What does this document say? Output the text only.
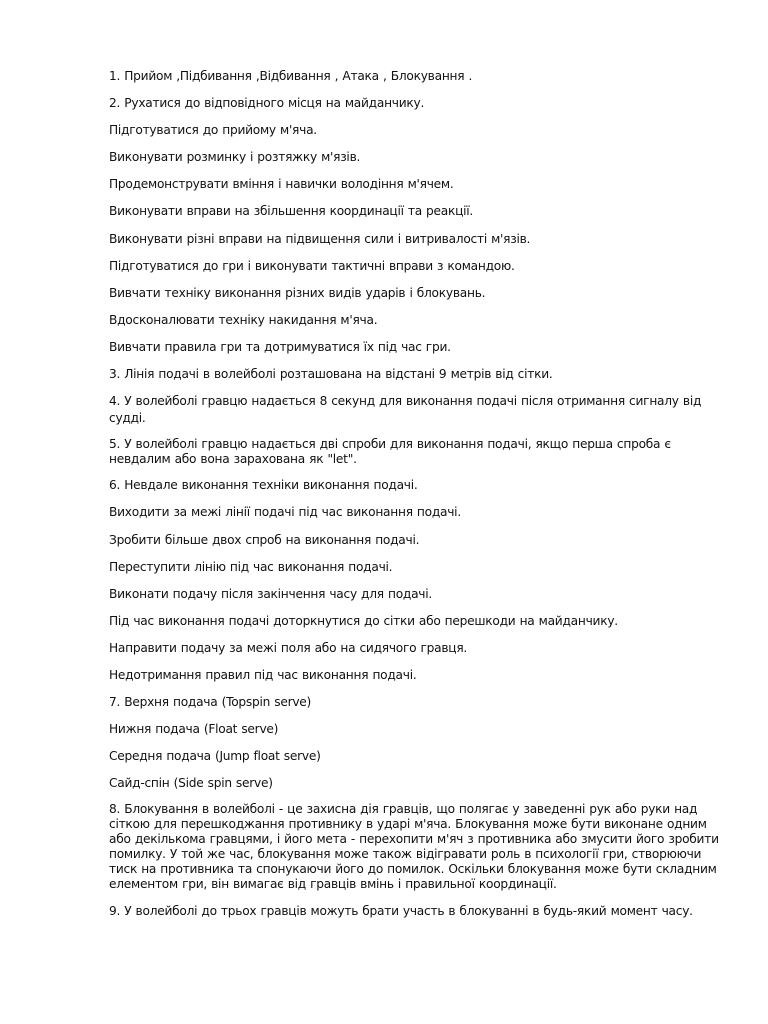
1. Прийом ,Підбивання ,Відбивання , Атака , Блокування .

2. Рухатися до відповідного місця на майданчику.

Підготуватися до прийому м'яча.

Виконувати розминку і розтяжку м'язів.

Продемонструвати вміння і навички володіння м'ячем.

Виконувати вправи на збільшення координації та реакції.

Виконувати різні вправи на підвищення сили і витривалості м'язів.

Підготуватися до гри і виконувати тактичні вправи з командою.

Вивчати техніку виконання різних видів ударів і блокувань.

Вдосконалювати техніку накидання м'яча.

Вивчати правила гри та дотримуватися їх під час гри.

3. Лінія подачі в волейболі розташована на відстані 9 метрів від сітки.

4. У волейболі гравцю надається 8 секунд для виконання подачі після отримання сигналу від судді.

5. У волейболі гравцю надається дві спроби для виконання подачі, якщо перша спроба є невдалим або вона зарахована як "let".

6. Невдале виконання техніки виконання подачі.

Виходити за межі лінії подачі під час виконання подачі.

Зробити більше двох спроб на виконання подачі.

Переступити лінію під час виконання подачі.

Виконати подачу після закінчення часу для подачі.

Під час виконання подачі доторкнутися до сітки або перешкоди на майданчику.

Направити подачу за межі поля або на сидячого гравця.

Недотримання правил під час виконання подачі.

7. Верхня подача (Topspin serve)

Нижня подача (Float serve)

Середня подача (Jump float serve)

Сайд-спін (Side spin serve)

8. Блокування в волейболі - це захисна дія гравців, що полягає у заведенні рук або руки над сіткою для перешкоджання противнику в ударі м'яча. Блокування може бути виконане одним або декількома гравцями, і його мета - перехопити м'яч з противника або змусити його зробити помилку. У той же час, блокування може також відігравати роль в психології гри, створюючи тиск на противника та спонукаючи його до помилок. Оскільки блокування може бути складним елементом гри, він вимагає від гравців вмінь і правильної координації.

9. У волейболі до трьох гравців можуть брати участь в блокуванні в будь-який момент часу.
